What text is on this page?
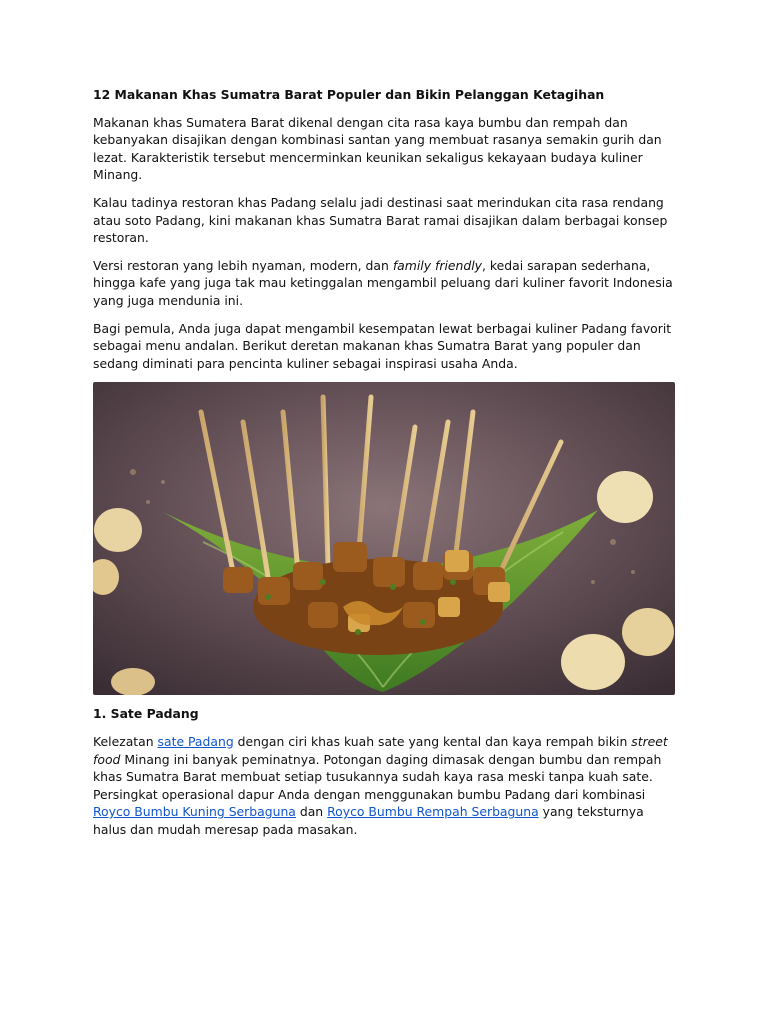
12 Makanan Khas Sumatra Barat Populer dan Bikin Pelanggan Ketagihan

Makanan khas Sumatera Barat dikenal dengan cita rasa kaya bumbu dan rempah dan kebanyakan disajikan dengan kombinasi santan yang membuat rasanya semakin gurih dan lezat. Karakteristik tersebut mencerminkan keunikan sekaligus kekayaan budaya kuliner Minang.

Kalau tadinya restoran khas Padang selalu jadi destinasi saat merindukan cita rasa rendang atau soto Padang, kini makanan khas Sumatra Barat ramai disajikan dalam berbagai konsep restoran.

Versi restoran yang lebih nyaman, modern, dan family friendly, kedai sarapan sederhana, hingga kafe yang juga tak mau ketinggalan mengambil peluang dari kuliner favorit Indonesia yang juga mendunia ini.

Bagi pemula, Anda juga dapat mengambil kesempatan lewat berbagai kuliner Padang favorit sebagai menu andalan. Berikut deretan makanan khas Sumatra Barat yang populer dan sedang diminati para pencinta kuliner sebagai inspirasi usaha Anda.

1. Sate Padang

Kelezatan sate Padang dengan ciri khas kuah sate yang kental dan kaya rempah bikin street food Minang ini banyak peminatnya. Potongan daging dimasak dengan bumbu dan rempah khas Sumatra Barat membuat setiap tusukannya sudah kaya rasa meski tanpa kuah sate. Persingkat operasional dapur Anda dengan menggunakan bumbu Padang dari kombinasi Royco Bumbu Kuning Serbaguna dan Royco Bumbu Rempah Serbaguna yang teksturnya halus dan mudah meresap pada masakan.
